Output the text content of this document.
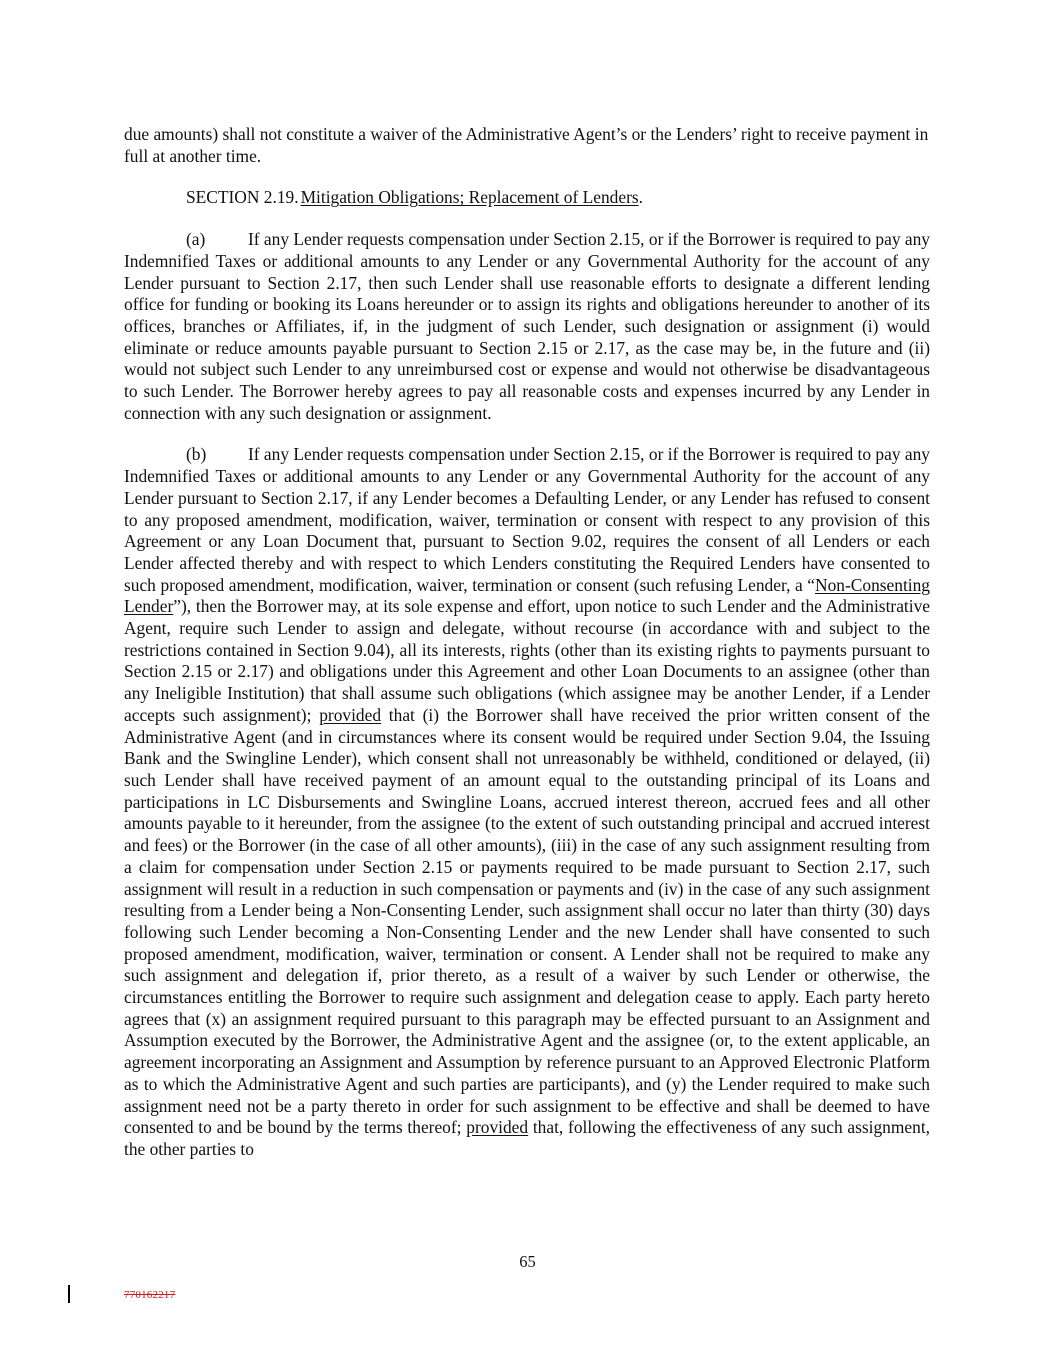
due amounts) shall not constitute a waiver of the Administrative Agent’s or the Lenders’ right to receive payment in full at another time.

SECTION 2.19. Mitigation Obligations; Replacement of Lenders.

(a) If any Lender requests compensation under Section 2.15, or if the Borrower is required to pay any Indemnified Taxes or additional amounts to any Lender or any Governmental Authority for the account of any Lender pursuant to Section 2.17, then such Lender shall use reasonable efforts to designate a different lending office for funding or booking its Loans hereunder or to assign its rights and obligations hereunder to another of its offices, branches or Affiliates, if, in the judgment of such Lender, such designation or assignment (i) would eliminate or reduce amounts payable pursuant to Section 2.15 or 2.17, as the case may be, in the future and (ii) would not subject such Lender to any unreimbursed cost or expense and would not otherwise be disadvantageous to such Lender. The Borrower hereby agrees to pay all reasonable costs and expenses incurred by any Lender in connection with any such designation or assignment.

(b) If any Lender requests compensation under Section 2.15, or if the Borrower is required to pay any Indemnified Taxes or additional amounts to any Lender or any Governmental Authority for the account of any Lender pursuant to Section 2.17, if any Lender becomes a Defaulting Lender, or any Lender has refused to consent to any proposed amendment, modification, waiver, termination or consent with respect to any provision of this Agreement or any Loan Document that, pursuant to Section 9.02, requires the consent of all Lenders or each Lender affected thereby and with respect to which Lenders constituting the Required Lenders have consented to such proposed amendment, modification, waiver, termination or consent (such refusing Lender, a “Non-Consenting Lender”), then the Borrower may, at its sole expense and effort, upon notice to such Lender and the Administrative Agent, require such Lender to assign and delegate, without recourse (in accordance with and subject to the restrictions contained in Section 9.04), all its interests, rights (other than its existing rights to payments pursuant to Section 2.15 or 2.17) and obligations under this Agreement and other Loan Documents to an assignee (other than any Ineligible Institution) that shall assume such obligations (which assignee may be another Lender, if a Lender accepts such assignment); provided that (i) the Borrower shall have received the prior written consent of the Administrative Agent (and in circumstances where its consent would be required under Section 9.04, the Issuing Bank and the Swingline Lender), which consent shall not unreasonably be withheld, conditioned or delayed, (ii) such Lender shall have received payment of an amount equal to the outstanding principal of its Loans and participations in LC Disbursements and Swingline Loans, accrued interest thereon, accrued fees and all other amounts payable to it hereunder, from the assignee (to the extent of such outstanding principal and accrued interest and fees) or the Borrower (in the case of all other amounts), (iii) in the case of any such assignment resulting from a claim for compensation under Section 2.15 or payments required to be made pursuant to Section 2.17, such assignment will result in a reduction in such compensation or payments and (iv) in the case of any such assignment resulting from a Lender being a Non-Consenting Lender, such assignment shall occur no later than thirty (30) days following such Lender becoming a Non-Consenting Lender and the new Lender shall have consented to such proposed amendment, modification, waiver, termination or consent. A Lender shall not be required to make any such assignment and delegation if, prior thereto, as a result of a waiver by such Lender or otherwise, the circumstances entitling the Borrower to require such assignment and delegation cease to apply. Each party hereto agrees that (x) an assignment required pursuant to this paragraph may be effected pursuant to an Assignment and Assumption executed by the Borrower, the Administrative Agent and the assignee (or, to the extent applicable, an agreement incorporating an Assignment and Assumption by reference pursuant to an Approved Electronic Platform as to which the Administrative Agent and such parties are participants), and (y) the Lender required to make such assignment need not be a party thereto in order for such assignment to be effective and shall be deemed to have consented to and be bound by the terms thereof; provided that, following the effectiveness of any such assignment, the other parties to

65
770162217
